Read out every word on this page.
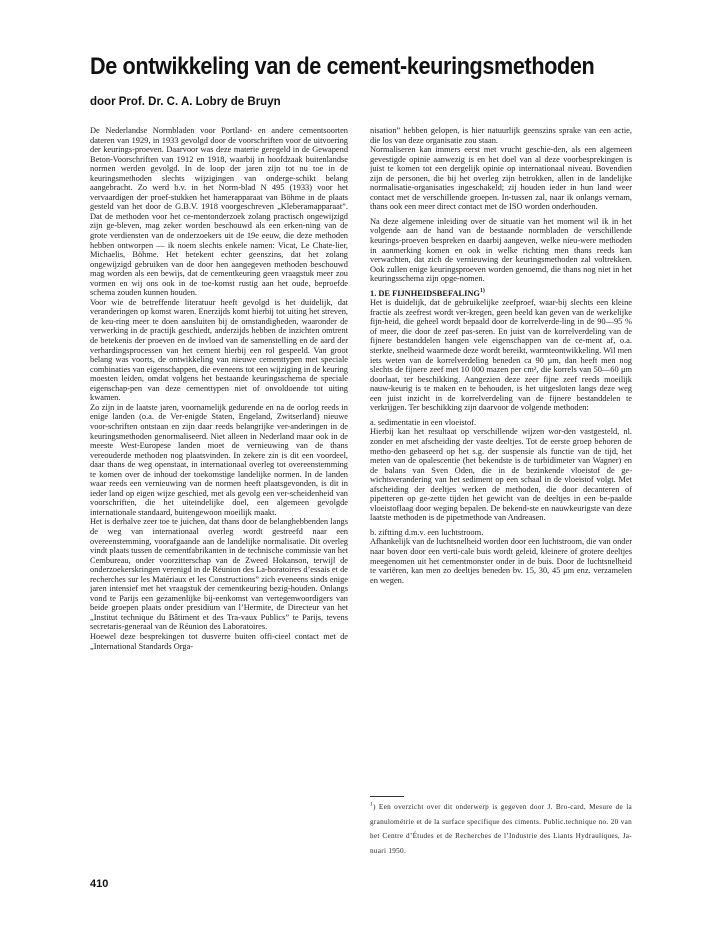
De ontwikkeling van de cement-keuringsmethoden
door Prof. Dr. C. A. Lobry de Bruyn

De Nederlandse Normbladen voor Portland- en andere cementsoorten dateren van 1929, in 1933 gevolgd door de voorschriften voor de uitvoering der keurings-proeven. Daarvoor was deze materie geregeld in de Gewapend Beton-Voorschriften van 1912 en 1918, waarbij in hoofdzaak buitenlandse normen werden gevolgd. In de loop der jaren zijn tot nu toe in de keuringsmethoden slechts wijzigingen van onderge-schikt belang aangebracht. Zo werd b.v. in het Norm-blad N 495 (1933) voor het vervaardigen der proef-stukken het hamerapparaat van Böhme in de plaats gesteld van het door de G.B.V. 1918 voorgeschreven „Kleberamapparaat”. Dat de methoden voor het ce-mentonderzoek zolang practisch ongewijzigd zijn ge-bleven, mag zeker worden beschouwd als een erken-ning van de grote verdiensten van de onderzoekers uit de 19e eeuw, die deze methoden hebben ontworpen — ik noem slechts enkele namen: Vicat, Le Chate-lier, Michaelis, Böhme. Het betekent echter geenszins, dat het zolang ongewijzigd gebruiken van de door hen aangegeven methoden beschouwd mag worden als een bewijs, dat de cementkeuring geen vraagstuk meer zou vormen en wij ons ook in de toe-komst rustig aan het oude, beproefde schema zouden kunnen houden.

Voor wie de betreffende literatuur heeft gevolgd is het duidelijk, dat veranderingen op komst waren. Enerzijds komt hierbij tot uiting het streven, de keu-ring meer te doen aansluiten bij de omstandigheden, waaronder de verwerking in de practijk geschiedt, anderzijds hebben de inzichten omtrent de betekenis der proeven en de invloed van de samenstelling en de aard der verhardingsprocessen van het cement hierbij een rol gespeeld. Van groot belang was voorts, de ontwikkeling van nieuwe cementtypen met speciale combinaties van eigenschappen, die eveneens tot een wijziging in de keuring moesten leiden, omdat volgens het bestaande keuringsschema de speciale eigenschap-pen van deze cementtypen niet of onvoldoende tot uiting kwamen.

Zo zijn in de laatste jaren, voornamelijk gedurende en na de oorlog reeds in enige landen (o.a. de Ver-enigde Staten, Engeland, Zwitserland) nieuwe voor-schriften ontstaan en zijn daar reeds belangrijke ver-anderingen in de keuringsmethoden genormaliseerd. Niet alleen in Nederland maar ook in de meeste West-Europese landen moet de vernieuwing van de thans vereouderde methoden nog plaatsvinden. In zekere zin is dit een voordeel, daar thans de weg openstaat, in internationaal overleg tot overeenstemming te komen over de inhoud der toekomstige landelijke normen. In de landen waar reeds een vernieuwing van de normen heeft plaatsgevonden, is dit in ieder land op eigen wijze geschied, met als gevolg een ver-scheidenheid van voorschriften, die het uiteindelijke doel, een algemeen gevolgde internationale standaard, buitengewoon moeilijk maakt.

Het is derhalve zeer toe te juichen, dat thans door de belanghebbenden langs de weg van internationaal overleg wordt gestreefd naar een overeenstemming, voorafgaande aan de landelijke normalisatie. Dit overleg vindt plaats tussen de cementfabrikanten in de technische commissie van het Cembureau, onder voorzitterschap van de Zweed Hokanson, terwijl de onderzoekerskringen verenigd in de Réunion des La-boratoires d’essais et de recherches sur les Matériaux et les Constructions” zich eveneens sinds enige jaren intensief met het vraagstuk der cementkeuring bezig-houden. Onlangs vond te Parijs een gezamenlijke bij-eenkomst van vertegenwoordigers van beide groepen plaats onder presidium van l’Hermite, de Directeur van het „Institut technique du Bâtiment et des Tra-vaux Publics” te Parijs, tevens secretaris-generaal van de Réunion des Laboratoires.

Hoewel deze besprekingen tot dusverre buiten offi-cieel contact met de „International Standards Orga-

nisation” hebben gelopen, is hier natuurlijk geenszins sprake van een actie, die los van deze organisatie zou staan.

Normaliseren kan immers eerst met vrucht geschie-den, als een algemeen gevestigde opinie aanwezig is en het doel van al deze voorbesprekingen is juist te komen tot een dergelijk opinie op internationaal niveau. Bovendien zijn de personen, die bij het overleg zijn betrokken, allen in de landelijke normalisatie-organisaties ingeschakeld; zij houden ieder in hun land weer contact met de verschillende groepen. In-tussen zal, naar ik onlangs vernam, thans ook een meer direct contact met de ISO worden onderhouden.

Na deze algemene inleiding over de situatie van het moment wil ik in het volgende aan de hand van de bestaande normbladen de verschillende keurings-proeven bespreken en daarbij aangeven, welke nieu-were methoden in aanmerking komen en ook in welke richting men thans reeds kan verwachten, dat zich de vernieuwing der keuringsmethoden zal voltrekken. Ook zullen enige keuringsproeven worden genoemd, die thans nog niet in het keuringsschema zijn opge-nomen.

1. DE FIJNHEIDSBEFALING$^{1)}$

Het is duidelijk, dat de gebruikelijke zeefproef, waar-bij slechts een kleine fractie als zeefrest wordt ver-kregen, geen beeld kan geven van de werkelijke fijn-heid, die geheel wordt bepaald door de korrelverde-ling in de 90—95 % of meer, die door de zeef pas-seren. En juist van de korrelverdeling van de fijnere bestanddelen hangen vele eigenschappen van de ce-ment af, o.a. sterkte, snelheid waarmede deze wordt bereikt, warmteontwikkeling. Wil men iets weten van de korrelverdeling beneden ca 90 μm, dan heeft men nog slechts de fijnere zeef met 10 000 mazen per cm², die korrels van 50—60 μm doorlaat, ter beschikking. Aangezien deze zeer fijne zeef reeds moeilijk nauw-keurig is te maken en te behouden, is het uitgesloten langs deze weg een juist inzicht in de korrelverdeling van de fijnere bestanddelen te verkrijgen. Ter beschikking zijn daarvoor de volgende methoden:

a. sedimentatie in een vloeistof.

Hierbij kan het resultaat op verschillende wijzen wor-den vastgesteld, nl. zonder en met afscheiding der vaste deeltjes. Tot de eerste groep behoren de metho-den gebaseerd op het s.g. der suspensie als functie van de tijd, het meten van de opalescentie (het bekendste is de turbidimeter van Wagner) en de balans van Sven Oden, die in de bezinkende vloeistof de ge-wichtsverandering van het sediment op een schaal in de vloeistof volgt. Met afscheiding der deeltjes werken de methoden, die door decanteren of pipetteren op ge-zette tijden het gewicht van de deeltjes in een be-paalde vloeistoflaag door weging bepalen. De bekend-ste en nauwkeurigste van deze laatste methoden is de pipetmethode van Andreasen.

b. ziftting d.m.v. een luchtstroom.

Afhankelijk van de luchtsnelheid worden door een luchtstroom, die van onder naar boven door een verti-cale buis wordt geleid, kleinere of grotere deeltjes meegenomen uit het cementmonster onder in de buis. Door de luchtsnelheid te variëren, kan men zo deeltjes beneden bv. 15, 30, 45 μm enz. verzamelen en wegen.

$^1$) Een overzicht over dit onderwerp is gegeven door J. Bro-card, Mesure de la granulométrie et de la surface specifique des ciments. Public.technique no. 20 van het Centre d’Études et de Recherches de l’Industrie des Liants Hydrauliques, Ja-nuari 1950.
410
